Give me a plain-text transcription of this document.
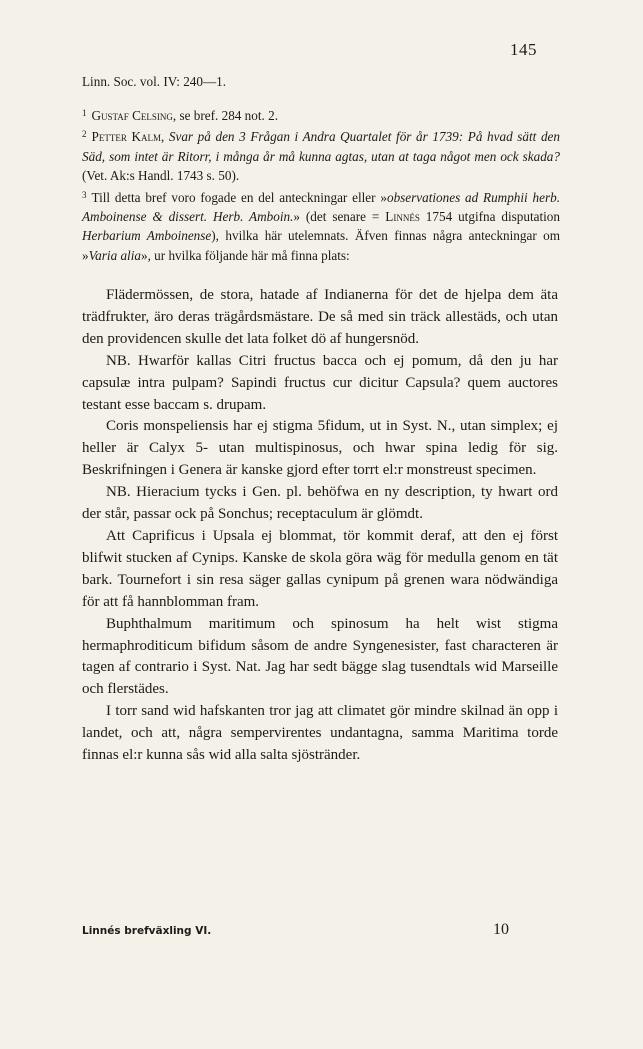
145
Linn. Soc. vol. IV: 240—1.

$^1$ Gustaf Celsing, se bref. 284 not. 2.

$^2$ Petter Kalm, Svar på den 3 Frågan i Andra Quartalet för år 1739: På hvad sätt den Säd, som intet är Ritorr, i många år må kunna agtas, utan at taga något men ock skada? (Vet. Ak:s Handl. 1743 s. 50).

$^3$ Till detta bref voro fogade en del anteckningar eller »observationes ad Rumphii herb. Amboinense & dissert. Herb. Amboin.» (det senare = Linnés 1754 utgifna disputation Herbarium Amboinense), hvilka här utelemnats. Äfven finnas några anteckningar om »Varia alia», ur hvilka följande här må finna plats:

Flädermössen, de stora, hatade af Indianerna för det de hjelpa dem äta trädfrukter, äro deras trägårdsmästare. De så med sin träck allestäds, och utan den providencen skulle det lata folket dö af hungersnöd.

NB. Hwarför kallas Citri fructus bacca och ej pomum, då den ju har capsulæ intra pulpam? Sapindi fructus cur dicitur Capsula? quem auctores testant esse baccam s. drupam.

Coris monspeliensis har ej stigma 5fidum, ut in Syst. N., utan simplex; ej heller är Calyx 5- utan multispinosus, och hwar spina ledig för sig. Beskrifningen i Genera är kanske gjord efter torrt el:r monstreust specimen.

NB. Hieracium tycks i Gen. pl. behöfwa en ny description, ty hwart ord der står, passar ock på Sonchus; receptaculum är glömdt.

Att Caprificus i Upsala ej blommat, tör kommit deraf, att den ej först blifwit stucken af Cynips. Kanske de skola göra wäg för medulla genom en tät bark. Tournefort i sin resa säger gallas cynipum på grenen wara nödwändiga för att få hannblomman fram.

Buphthalmum maritimum och spinosum ha helt wist stigma hermaphroditicum bifidum såsom de andre Syngenesister, fast characteren är tagen af contrario i Syst. Nat. Jag har sedt bägge slag tusendtals wid Marseille och flerstädes.

I torr sand wid hafskanten tror jag att climatet gör mindre skilnad än opp i landet, och att, några sempervirentes undantagna, samma Maritima torde finnas el:r kunna sås wid alla salta sjöstränder.

Linnés brefväxling VI.	10
